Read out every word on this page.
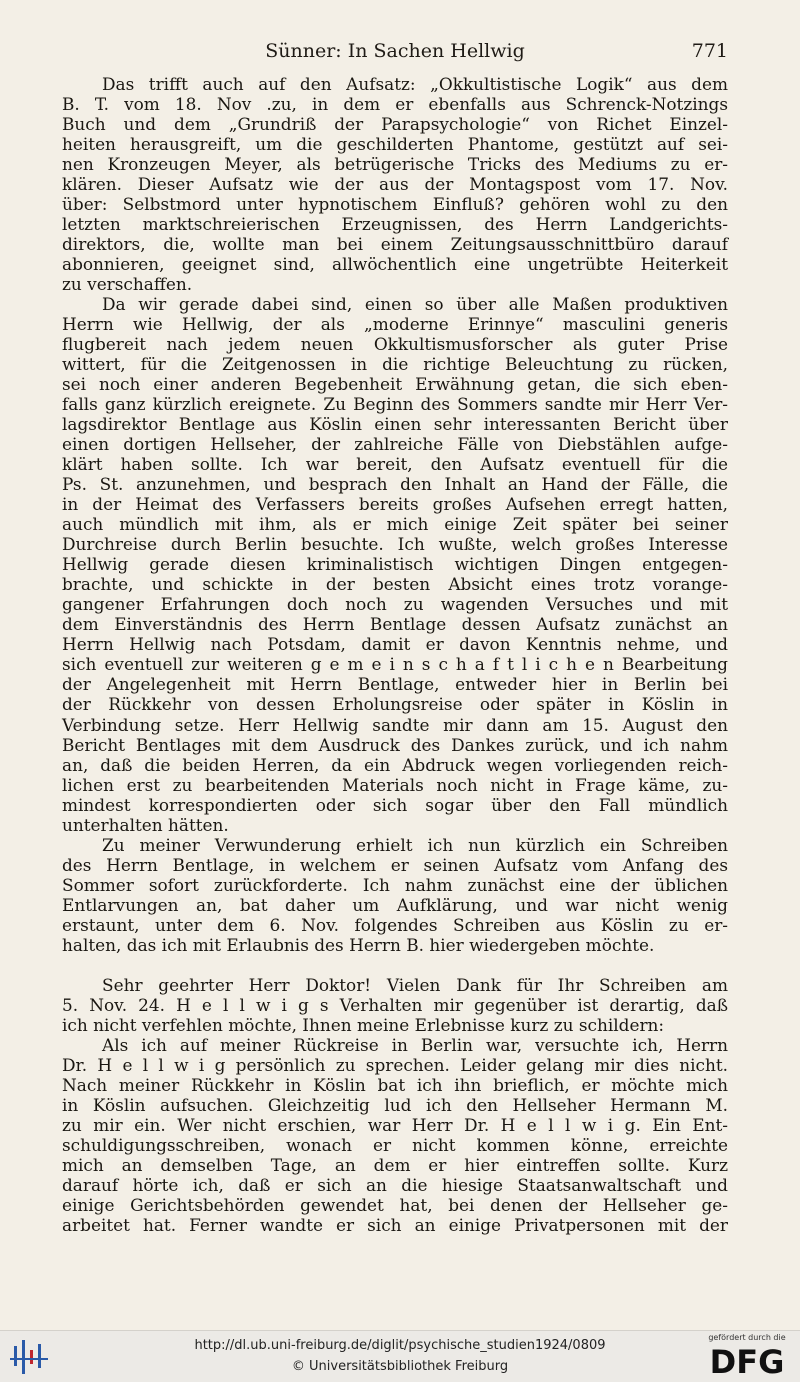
Sünner: In Sachen Hellwig	771
Das trifft auch auf den Aufsatz: „Okkultistische Logik“ aus dem
B. T. vom 18. Nov .zu, in dem er ebenfalls aus Schrenck-Notzings
Buch und dem „Grundriß der Parapsychologie“ von Richet Einzel-
heiten herausgreift, um die geschilderten Phantome, gestützt auf sei-
nen Kronzeugen Meyer, als betrügerische Tricks des Mediums zu er-
klären. Dieser Aufsatz wie der aus der Montagspost vom 17. Nov.
über: Selbstmord unter hypnotischem Einfluß? gehören wohl zu den
letzten marktschreierischen Erzeugnissen, des Herrn Landgerichts-
direktors, die, wollte man bei einem Zeitungsausschnittbüro darauf
abonnieren, geeignet sind, allwöchentlich eine ungetrübte Heiterkeit
zu verschaffen.
Da wir gerade dabei sind, einen so über alle Maßen produktiven
Herrn wie Hellwig, der als „moderne Erinnye“ masculini generis
flugbereit nach jedem neuen Okkultismusforscher als guter Prise
wittert, für die Zeitgenossen in die richtige Beleuchtung zu rücken,
sei noch einer anderen Begebenheit Erwähnung getan, die sich eben-
falls ganz kürzlich ereignete. Zu Beginn des Sommers sandte mir Herr Ver-
lagsdirektor Bentlage aus Köslin einen sehr interessanten Bericht über
einen dortigen Hellseher, der zahlreiche Fälle von Diebstählen aufge-
klärt haben sollte. Ich war bereit, den Aufsatz eventuell für die
Ps. St. anzunehmen, und besprach den Inhalt an Hand der Fälle, die
in der Heimat des Verfassers bereits großes Aufsehen erregt hatten,
auch mündlich mit ihm, als er mich einige Zeit später bei seiner
Durchreise durch Berlin besuchte. Ich wußte, welch großes Interesse
Hellwig gerade diesen kriminalistisch wichtigen Dingen entgegen-
brachte, und schickte in der besten Absicht eines trotz vorange-
gangener Erfahrungen doch noch zu wagenden Versuches und mit
dem Einverständnis des Herrn Bentlage dessen Aufsatz zunächst an
Herrn Hellwig nach Potsdam, damit er davon Kenntnis nehme, und
sich eventuell zur weiteren g e m e i n s c h a f t l i c h e n Bearbeitung
der Angelegenheit mit Herrn Bentlage, entweder hier in Berlin bei
der Rückkehr von dessen Erholungsreise oder später in Köslin in
Verbindung setze. Herr Hellwig sandte mir dann am 15. August den
Bericht Bentlages mit dem Ausdruck des Dankes zurück, und ich nahm
an, daß die beiden Herren, da ein Abdruck wegen vorliegenden reich-
lichen erst zu bearbeitenden Materials noch nicht in Frage käme, zu-
mindest korrespondierten oder sich sogar über den Fall mündlich
unterhalten hätten.
Zu meiner Verwunderung erhielt ich nun kürzlich ein Schreiben
des Herrn Bentlage, in welchem er seinen Aufsatz vom Anfang des
Sommer sofort zurückforderte. Ich nahm zunächst eine der üblichen
Entlarvungen an, bat daher um Aufklärung, und war nicht wenig
erstaunt, unter dem 6. Nov. folgendes Schreiben aus Köslin zu er-
halten, das ich mit Erlaubnis des Herrn B. hier wiedergeben möchte.
Sehr geehrter Herr Doktor! Vielen Dank für Ihr Schreiben am
5. Nov. 24. H e l l w i g s Verhalten mir gegenüber ist derartig, daß
ich nicht verfehlen möchte, Ihnen meine Erlebnisse kurz zu schildern:
Als ich auf meiner Rückreise in Berlin war, versuchte ich, Herrn
Dr. H e l l w i g persönlich zu sprechen. Leider gelang mir dies nicht.
Nach meiner Rückkehr in Köslin bat ich ihn brieflich, er möchte mich
in Köslin aufsuchen. Gleichzeitig lud ich den Hellseher Hermann M.
zu mir ein. Wer nicht erschien, war Herr Dr. H e l l w i g. Ein Ent-
schuldigungsschreiben, wonach er nicht kommen könne, erreichte
mich an demselben Tage, an dem er hier eintreffen sollte. Kurz
darauf hörte ich, daß er sich an die hiesige Staatsanwaltschaft und
einige Gerichtsbehörden gewendet hat, bei denen der Hellseher ge-
arbeitet hat. Ferner wandte er sich an einige Privatpersonen mit der
http://dl.ub.uni-freiburg.de/diglit/psychische_studien1924/0809
© Universitätsbibliothek Freiburg
gefördert durch die
DFG
